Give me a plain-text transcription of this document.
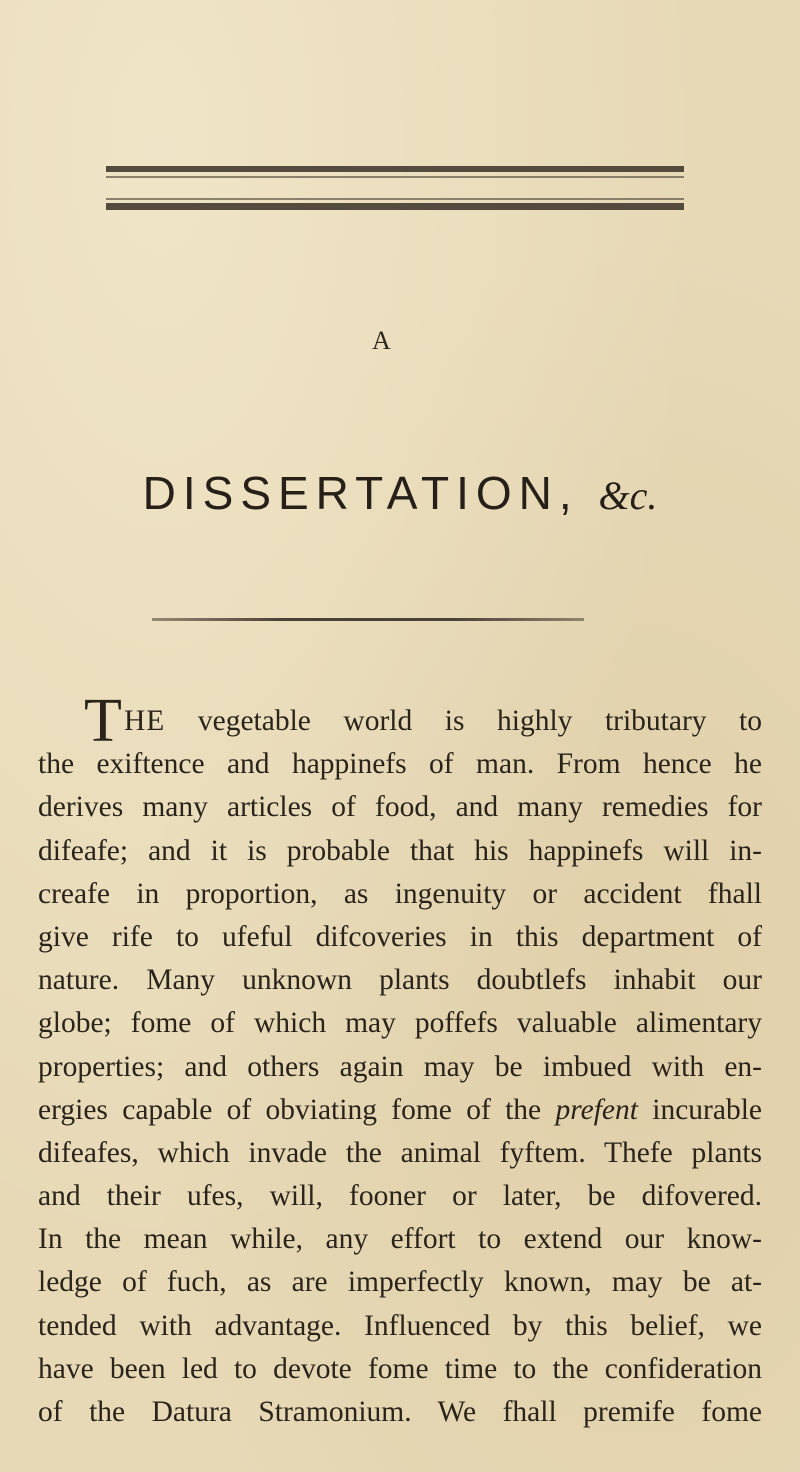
A
DISSERTATION, &c.
T HE vegetable world is highly tributary to
the exiftence and happinefs of man. From hence he
derives many articles of food, and many remedies for
difeafe; and it is probable that his happinefs will in-
creafe in proportion, as ingenuity or accident fhall
give rife to ufeful difcoveries in this department of
nature. Many unknown plants doubtlefs inhabit our
globe; fome of which may poffefs valuable alimentary
properties; and others again may be imbued with en-
ergies capable of obviating fome of the prefent incurable
difeafes, which invade the animal fyftem. Thefe plants
and their ufes, will, fooner or later, be difovered.
In the mean while, any effort to extend our know-
ledge of fuch, as are imperfectly known, may be at-
tended with advantage. Influenced by this belief, we
have been led to devote fome time to the confideration
of the Datura Stramonium. We fhall premife fome
